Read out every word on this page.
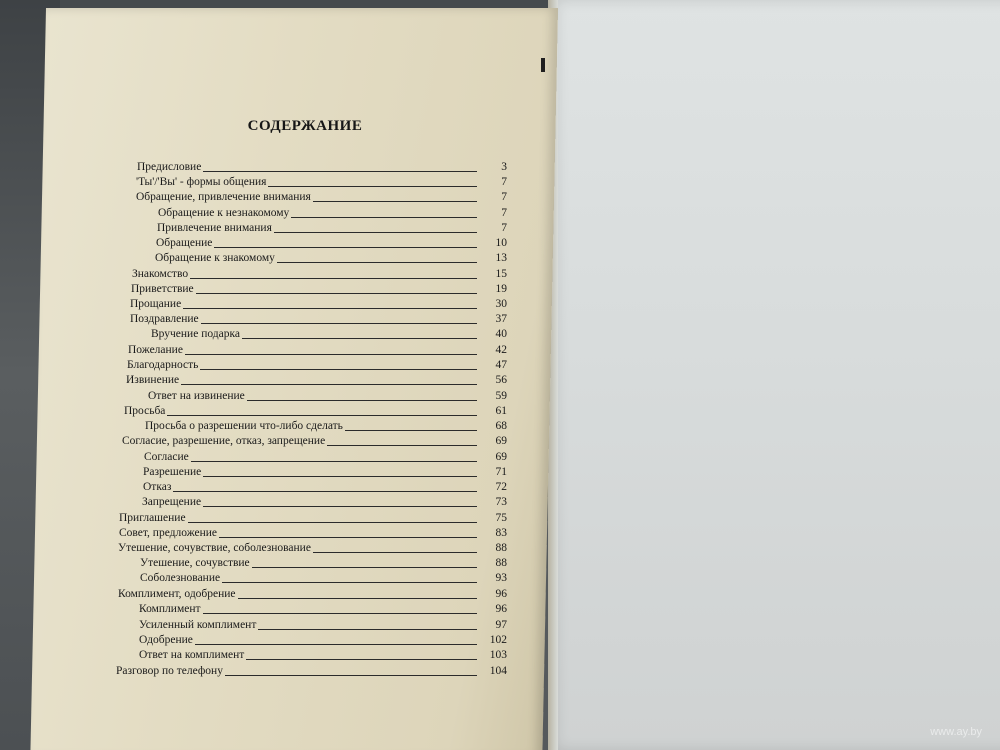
СОДЕРЖАНИЕ
Предисловие	3
'Ты'/'Вы' - формы общения	7
Обращение, привлечение внимания	7
Обращение к незнакомому	7
Привлечение внимания	7
Обращение	10
Обращение к знакомому	13
Знакомство	15
Приветствие	19
Прощание	30
Поздравление	37
Вручение подарка	40
Пожелание	42
Благодарность	47
Извинение	56
Ответ на извинение	59
Просьба	61
Просьба о разрешении что-либо сделать	68
Согласие, разрешение, отказ, запрещение	69
Согласие	69
Разрешение	71
Отказ	72
Запрещение	73
Приглашение	75
Совет, предложение	83
Утешение, сочувствие, соболезнование	88
Утешение, сочувствие	88
Соболезнование	93
Комплимент, одобрение	96
Комплимент	96
Усиленный комплимент	97
Одобрение	102
Ответ на комплимент	103
Разговор по телефону	104
www.ay.by
